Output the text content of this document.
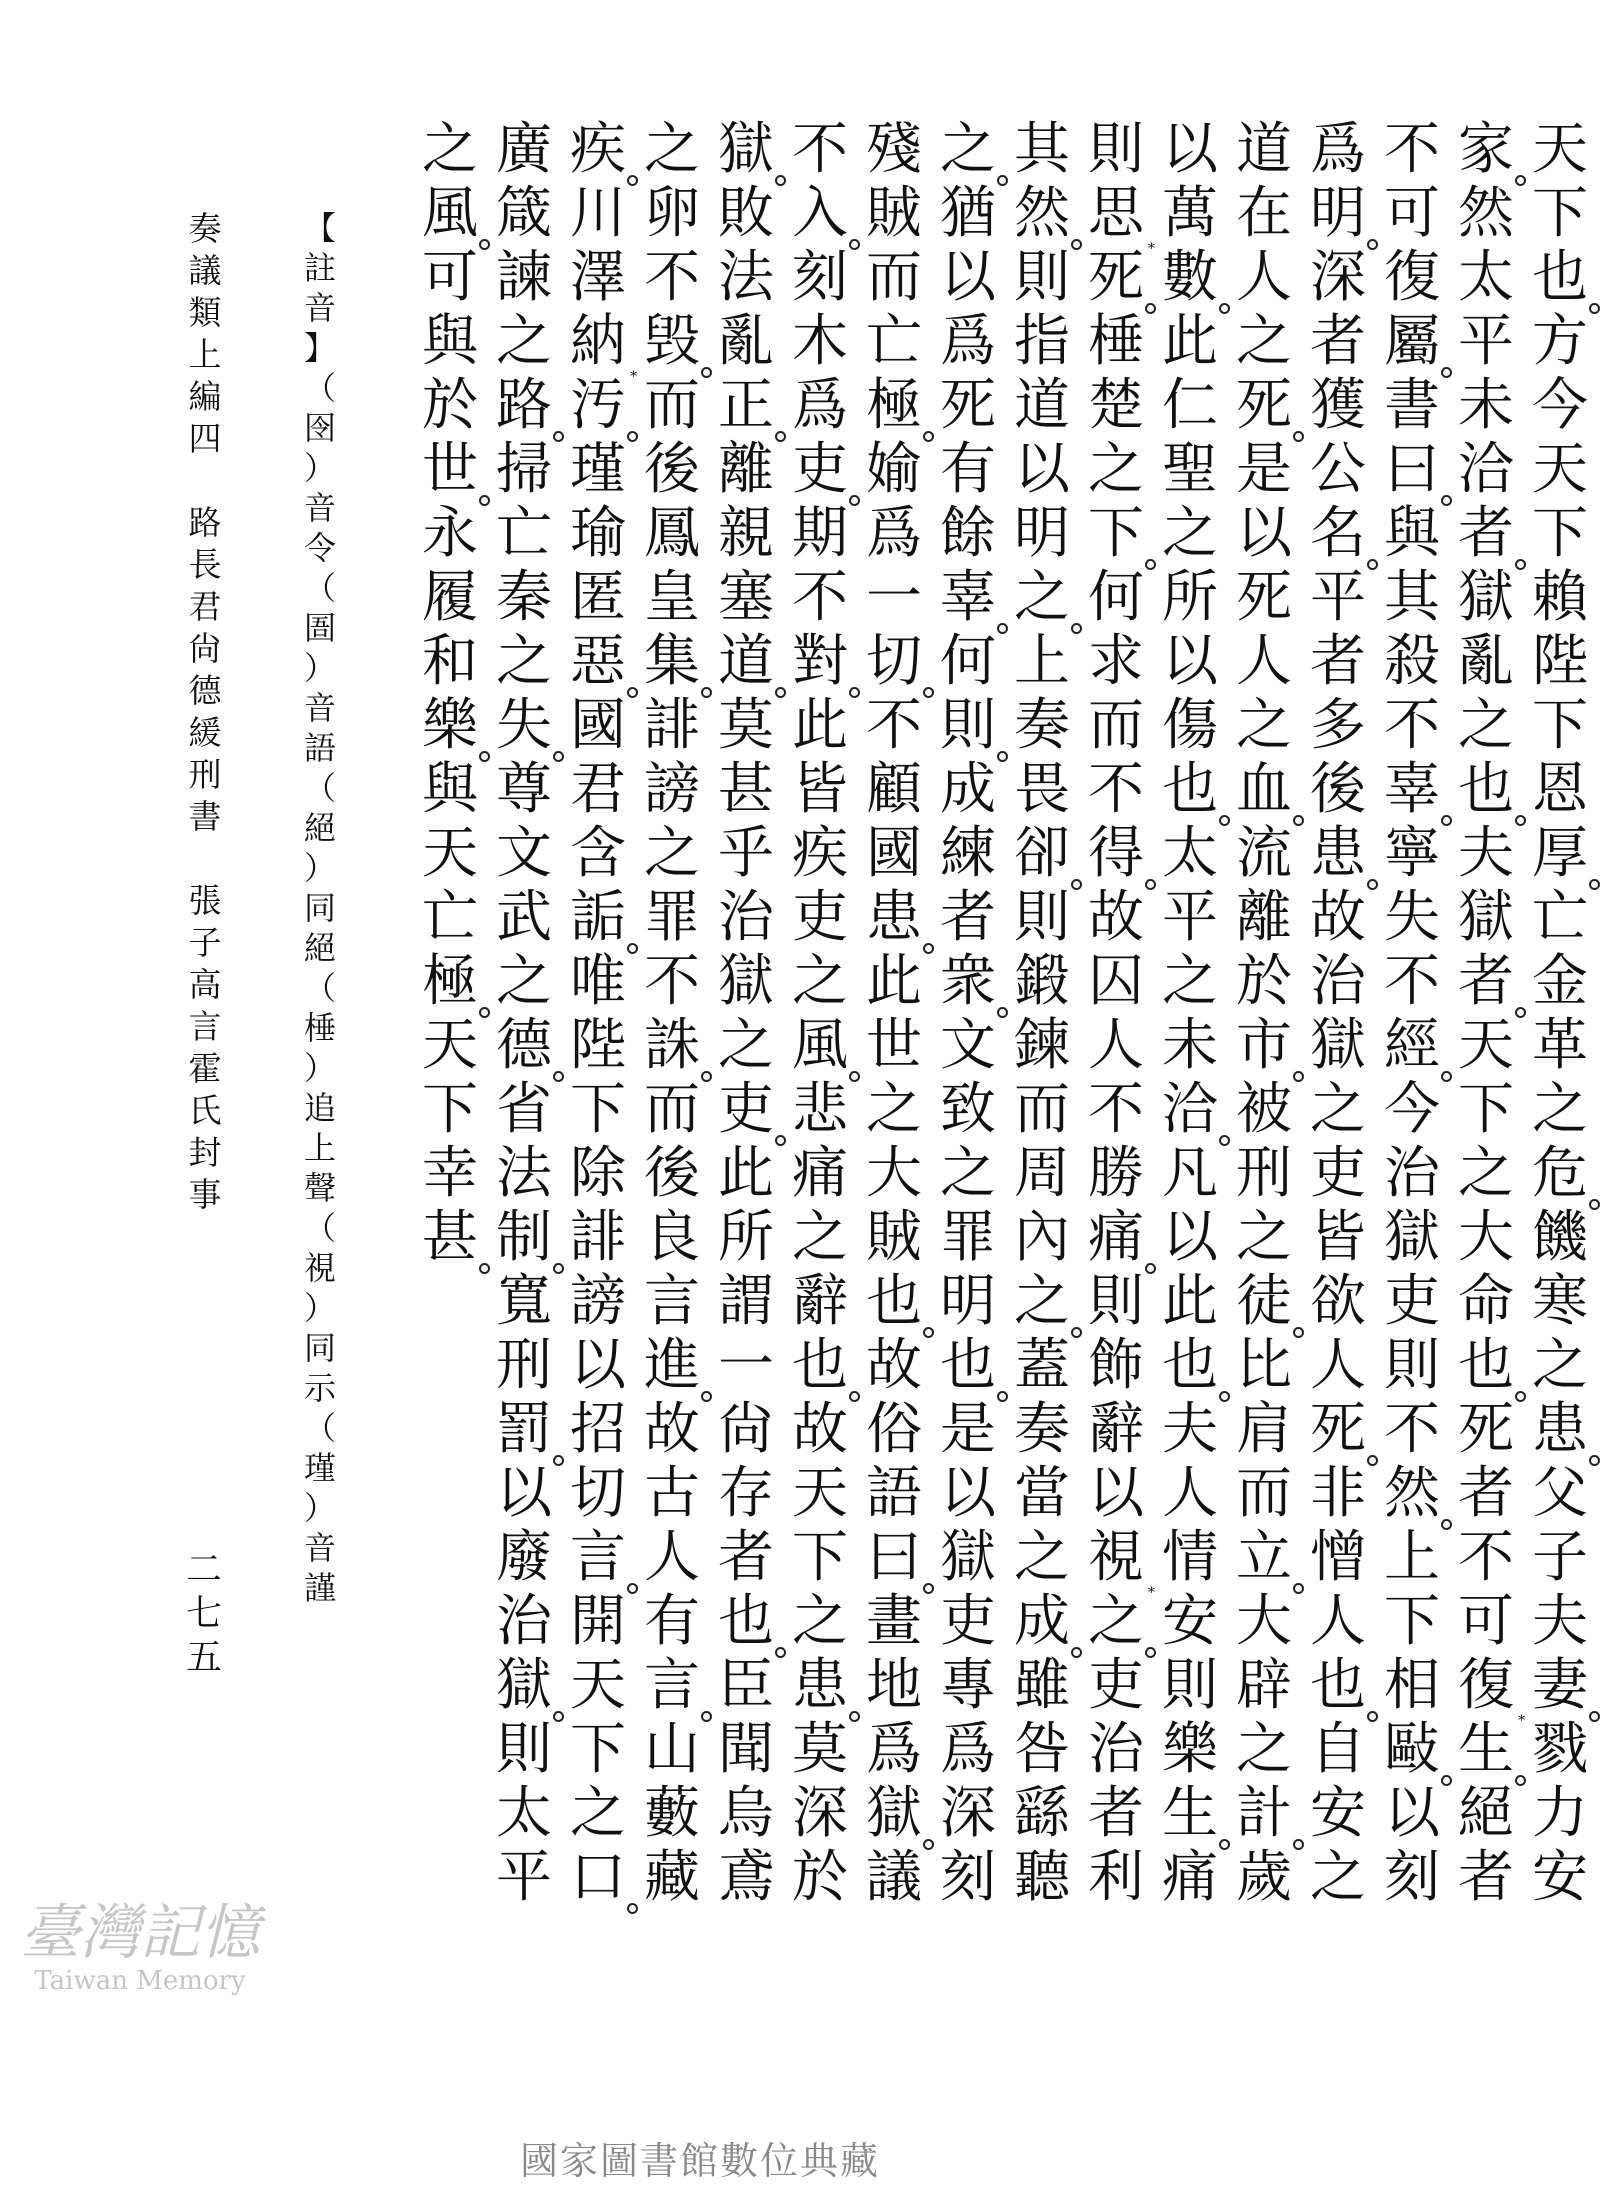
天
下
也
方
今
天
下
賴
陛
下
恩
厚
亡
金
革
之
危
饑
寒
之
患
父
子
夫
妻
戮
力
安
家
然
太
平
未
洽
者
獄
亂
之
也
夫
獄
者
天
下
之
大
命
也
死
者
不
可
復
生 *
絕
者
不
可
復
屬
書
曰
與
其
殺
不
辜
寧
失
不
經
今
治
獄
吏
則
不
然
上
下
相
敺
以
刻
爲
明
深
者
獲
公
名
平
者
多
後
患
故
治
獄
之
吏
皆
欲
人
死
非
憎
人
也
自
安
之
道
在
人
之
死
是
以
死
人
之
血
流
離
於
市
被
刑
之
徒
比
肩
而
立
大
辟
之
計
歲
以
萬
數
此
仁
聖
之
所
以
傷
也
太
平
之
未
洽
凡
以
此
也
夫
人
情
安
則
樂
生
痛
則
思
死 *
棰
楚
之
下
何
求
而
不
得
故
囚
人
不
勝
痛
則
飾
辭
以
視
之 *
吏
治
者
利
其
然
則
指
道
以
明
之
上
奏
畏
卻
則
鍛
鍊
而
周
內
之
蓋
奏
當
之
成
雖
咎
繇
聽
之
猶
以
爲
死
有
餘
辜
何
則
成
練
者
衆
文
致
之
罪
明
也
是
以
獄
吏
專
爲
深
刻
殘
賊
而
亡
極
媮
爲
一
切
不
顧
國
患
此
世
之
大
賊
也
故
俗
語
曰
畫
地
爲
獄
議
不
入
刻
木
爲
吏
期
不
對
此
皆
疾
吏
之
風
悲
痛
之
辭
也
故
天
下
之
患
莫
深
於
獄
敗
法
亂
正
離
親
塞
道
莫
甚
乎
治
獄
之
吏
此
所
謂
一
尙
存
者
也
臣
聞
烏
鳶
之
卵
不
毁
而
後
鳳
皇
集
誹
謗
之
罪
不
誅
而
後
良
言
進
故
古
人
有
言
山
藪
藏
疾
川
澤
納
汚 *
瑾
瑜
匿
惡
國
君
含
詬
唯
陛
下
除
誹
謗
以
招
切
言
開
天
下
之
口
廣
箴
諫
之
路
掃
亡
秦
之
失
尊
文
武
之
德
省
法
制
寬
刑
罰
以
廢
治
獄
則
太
平
之
風
可
與
於
世
永
履
和
樂
與
天
亡
極
天
下
幸
甚
【
註
音
】
（
囹
）
音
令
（
圄
）
音
語
（
絕
）
同
絕
（
棰
）
追
上
聲
（
視
）
同
示
（
瑾
）
音
謹
奏
議
類
上
編
四

路
長
君
尙
德
緩
刑
書

張
子
高
言
霍
氏
封
事
二
七
五
臺灣記憶
Taiwan Memory
國家圖書館數位典藏
